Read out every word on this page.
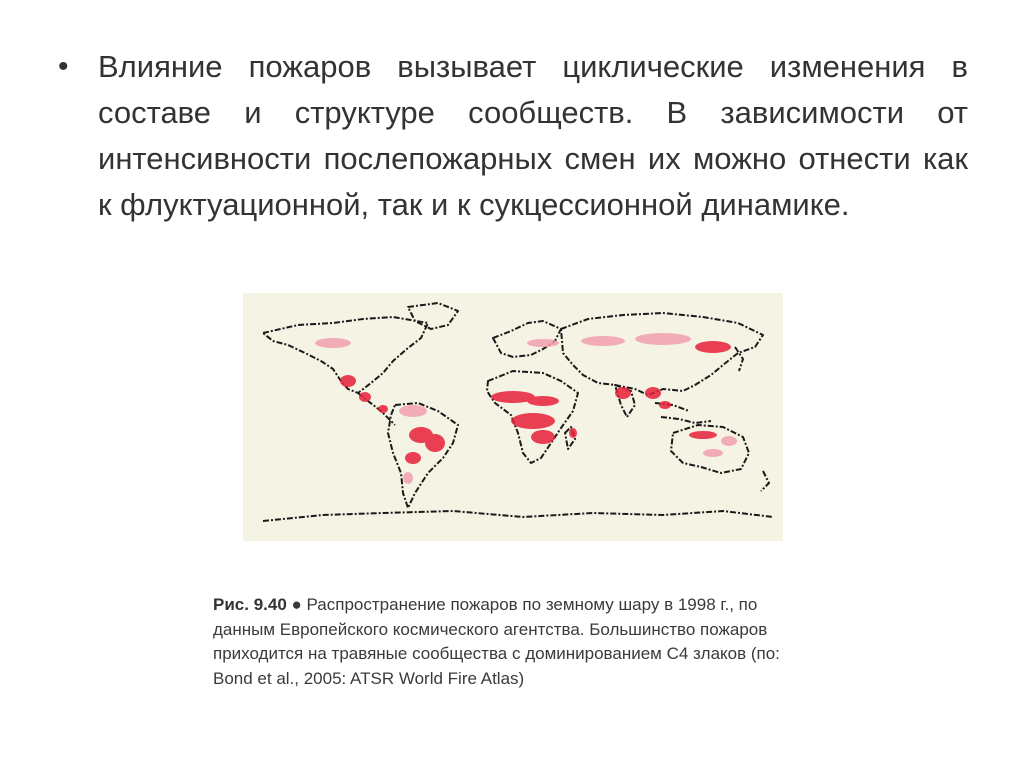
• Влияние пожаров вызывает циклические изменения в составе и структуре сообществ. В зависимости от интенсивности послепожарных смен их можно отнести как к флуктуационной, так и к сукцессионной динамике.
Рис. 9.40 ● Распространение пожаров по земному шару в 1998 г., по данным Европейского космического агентства. Большинство пожаров приходится на травяные сообщества с доминированием С4 злаков (по: Bond et al., 2005: ATSR World Fire Atlas)
